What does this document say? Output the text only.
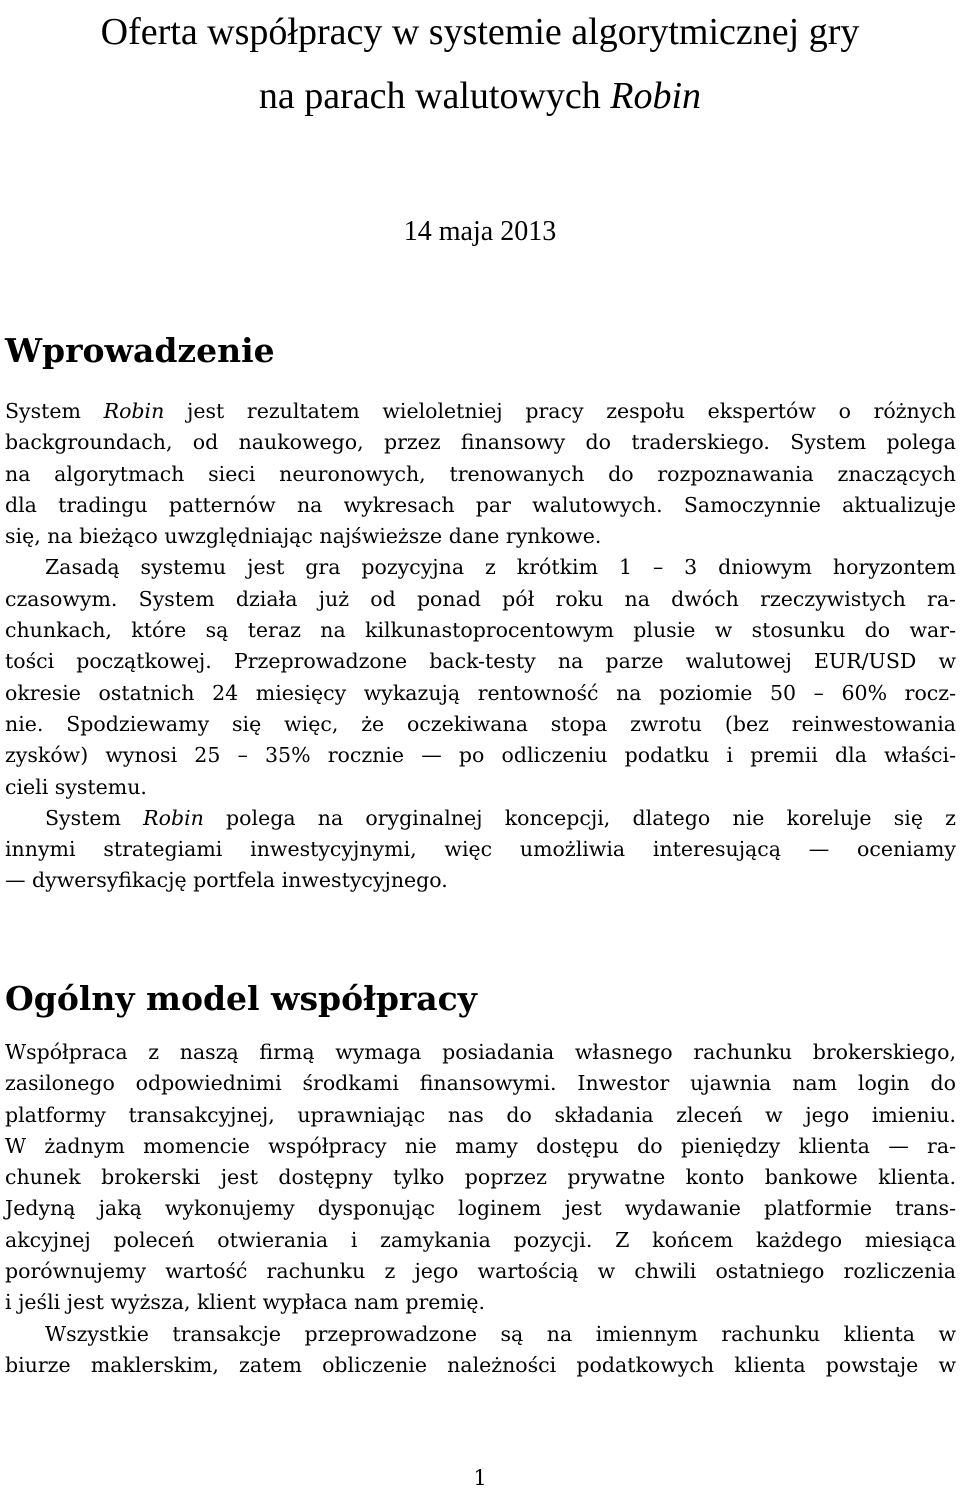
Oferta współpracy w systemie algorytmicznej gry
na parach walutowych Robin

14 maja 2013

Wprowadzenie
System Robin jest rezultatem wieloletniej pracy zespołu ekspertów o różnych
backgroundach, od naukowego, przez finansowy do traderskiego. System polega
na algorytmach sieci neuronowych, trenowanych do rozpoznawania znaczących
dla tradingu patternów na wykresach par walutowych. Samoczynnie aktualizuje
się, na bieżąco uwzględniając najświeższe dane rynkowe.
Zasadą systemu jest gra pozycyjna z krótkim 1 – 3 dniowym horyzontem
czasowym. System działa już od ponad pół roku na dwóch rzeczywistych ra-
chunkach, które są teraz na kilkunastoprocentowym plusie w stosunku do war-
tości początkowej. Przeprowadzone back-testy na parze walutowej EUR/USD w
okresie ostatnich 24 miesięcy wykazują rentowność na poziomie 50 – 60% rocz-
nie. Spodziewamy się więc, że oczekiwana stopa zwrotu (bez reinwestowania
zysków) wynosi 25 – 35% rocznie — po odliczeniu podatku i premii dla właści-
cieli systemu.
System Robin polega na oryginalnej koncepcji, dlatego nie koreluje się z
innymi strategiami inwestycyjnymi, więc umożliwia interesującą — oceniamy
— dywersyfikację portfela inwestycyjnego.
Ogólny model współpracy
Współpraca z naszą firmą wymaga posiadania własnego rachunku brokerskiego,
zasilonego odpowiednimi środkami finansowymi. Inwestor ujawnia nam login do
platformy transakcyjnej, uprawniając nas do składania zleceń w jego imieniu.
W żadnym momencie współpracy nie mamy dostępu do pieniędzy klienta — ra-
chunek brokerski jest dostępny tylko poprzez prywatne konto bankowe klienta.
Jedyną jaką wykonujemy dysponując loginem jest wydawanie platformie trans-
akcyjnej poleceń otwierania i zamykania pozycji. Z końcem każdego miesiąca
porównujemy wartość rachunku z jego wartością w chwili ostatniego rozliczenia
i jeśli jest wyższa, klient wypłaca nam premię.
Wszystkie transakcje przeprowadzone są na imiennym rachunku klienta w
biurze maklerskim, zatem obliczenie należności podatkowych klienta powstaje w

1
